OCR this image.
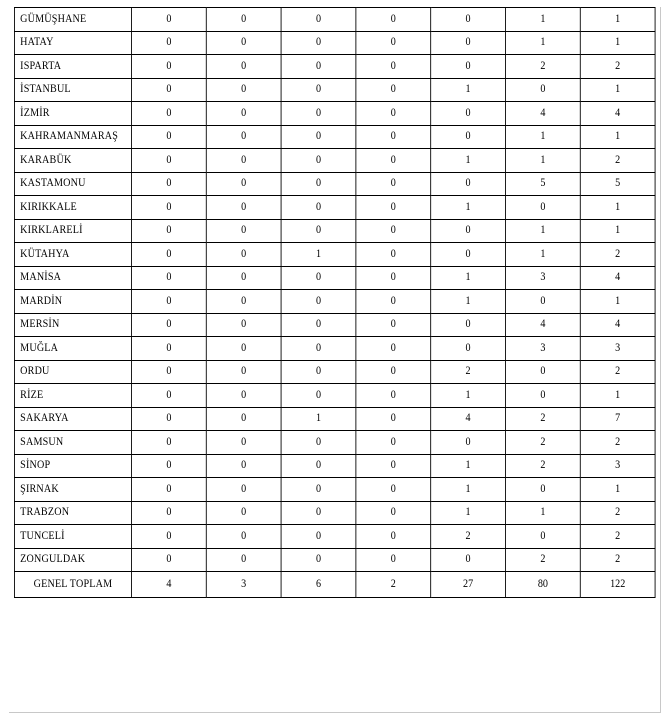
GÜMÜŞHANE	0	0	0	0	0	1	1
HATAY	0	0	0	0	0	1	1
ISPARTA	0	0	0	0	0	2	2
İSTANBUL	0	0	0	0	1	0	1
İZMİR	0	0	0	0	0	4	4
KAHRAMANMARAŞ	0	0	0	0	0	1	1
KARABÜK	0	0	0	0	1	1	2
KASTAMONU	0	0	0	0	0	5	5
KIRIKKALE	0	0	0	0	1	0	1
KIRKLARELİ	0	0	0	0	0	1	1
KÜTAHYA	0	0	1	0	0	1	2
MANİSA	0	0	0	0	1	3	4
MARDİN	0	0	0	0	1	0	1
MERSİN	0	0	0	0	0	4	4
MUĞLA	0	0	0	0	0	3	3
ORDU	0	0	0	0	2	0	2
RİZE	0	0	0	0	1	0	1
SAKARYA	0	0	1	0	4	2	7
SAMSUN	0	0	0	0	0	2	2
SİNOP	0	0	0	0	1	2	3
ŞIRNAK	0	0	0	0	1	0	1
TRABZON	0	0	0	0	1	1	2
TUNCELİ	0	0	0	0	2	0	2
ZONGULDAK	0	0	0	0	0	2	2
GENEL TOPLAM	4	3	6	2	27	80	122
